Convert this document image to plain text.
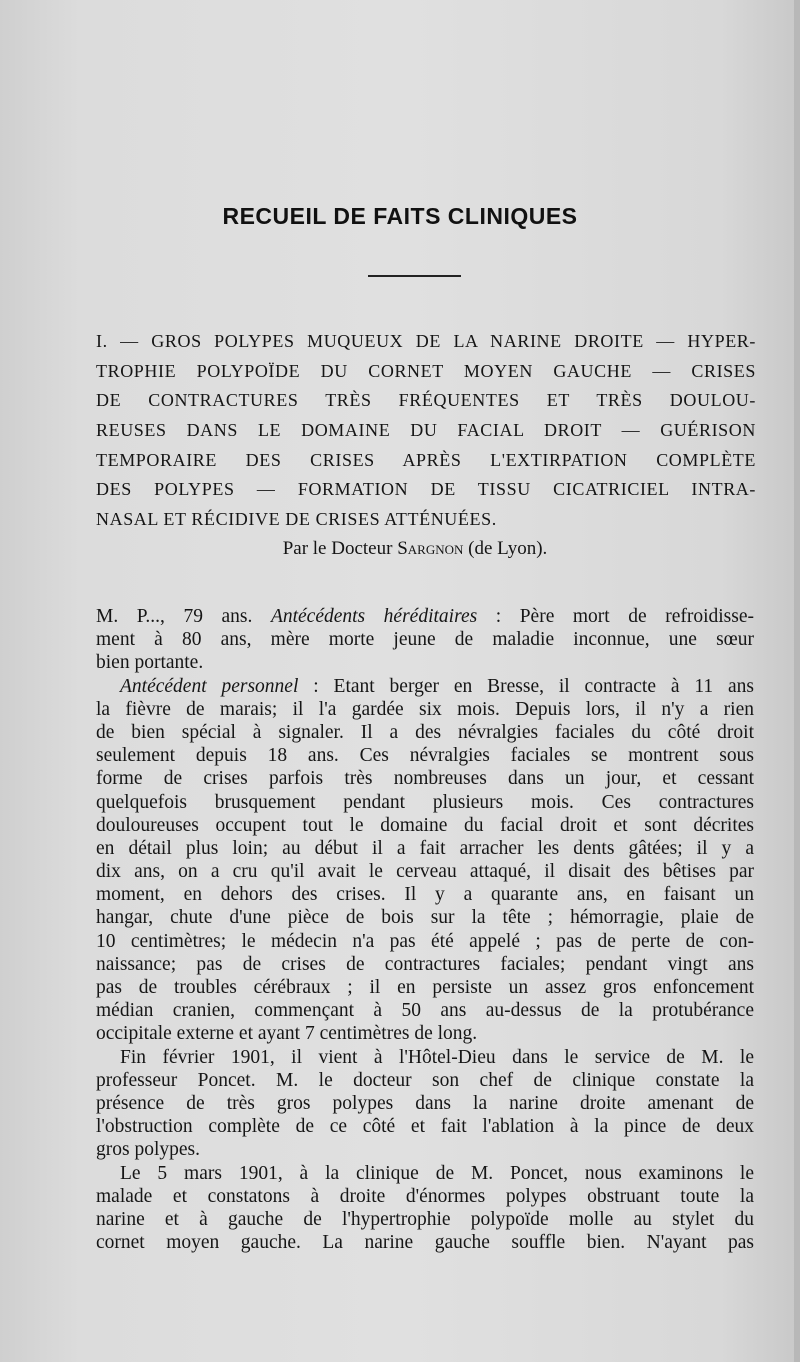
RECUEIL DE FAITS CLINIQUES
I. — GROS POLYPES MUQUEUX DE LA NARINE DROITE — HYPER-
TROPHIE POLYPOÏDE DU CORNET MOYEN GAUCHE — CRISES
DE CONTRACTURES TRÈS FRÉQUENTES ET TRÈS DOULOU-
REUSES DANS LE DOMAINE DU FACIAL DROIT — GUÉRISON
TEMPORAIRE DES CRISES APRÈS L'EXTIRPATION COMPLÈTE
DES POLYPES — FORMATION DE TISSU CICATRICIEL INTRA-
NASAL ET RÉCIDIVE DE CRISES ATTÉNUÉES.
Par le Docteur Sargnon (de Lyon).
M. P..., 79 ans. Antécédents héréditaires : Père mort de refroidisse-
ment à 80 ans, mère morte jeune de maladie inconnue, une sœur
bien portante.
Antécédent personnel : Etant berger en Bresse, il contracte à 11 ans
la fièvre de marais; il l'a gardée six mois. Depuis lors, il n'y a rien
de bien spécial à signaler. Il a des névralgies faciales du côté droit
seulement depuis 18 ans. Ces névralgies faciales se montrent sous
forme de crises parfois très nombreuses dans un jour, et cessant
quelquefois brusquement pendant plusieurs mois. Ces contractures
douloureuses occupent tout le domaine du facial droit et sont décrites
en détail plus loin; au début il a fait arracher les dents gâtées; il y a
dix ans, on a cru qu'il avait le cerveau attaqué, il disait des bêtises par
moment, en dehors des crises. Il y a quarante ans, en faisant un
hangar, chute d'une pièce de bois sur la tête ; hémorragie, plaie de
10 centimètres; le médecin n'a pas été appelé ; pas de perte de con-
naissance; pas de crises de contractures faciales; pendant vingt ans
pas de troubles cérébraux ; il en persiste un assez gros enfoncement
médian cranien, commençant à 50 ans au-dessus de la protubérance
occipitale externe et ayant 7 centimètres de long.
Fin février 1901, il vient à l'Hôtel-Dieu dans le service de M. le
professeur Poncet. M. le docteur son chef de clinique constate la
présence de très gros polypes dans la narine droite amenant de
l'obstruction complète de ce côté et fait l'ablation à la pince de deux
gros polypes.
Le 5 mars 1901, à la clinique de M. Poncet, nous examinons le
malade et constatons à droite d'énormes polypes obstruant toute la
narine et à gauche de l'hypertrophie polypoïde molle au stylet du
cornet moyen gauche. La narine gauche souffle bien. N'ayant pas
